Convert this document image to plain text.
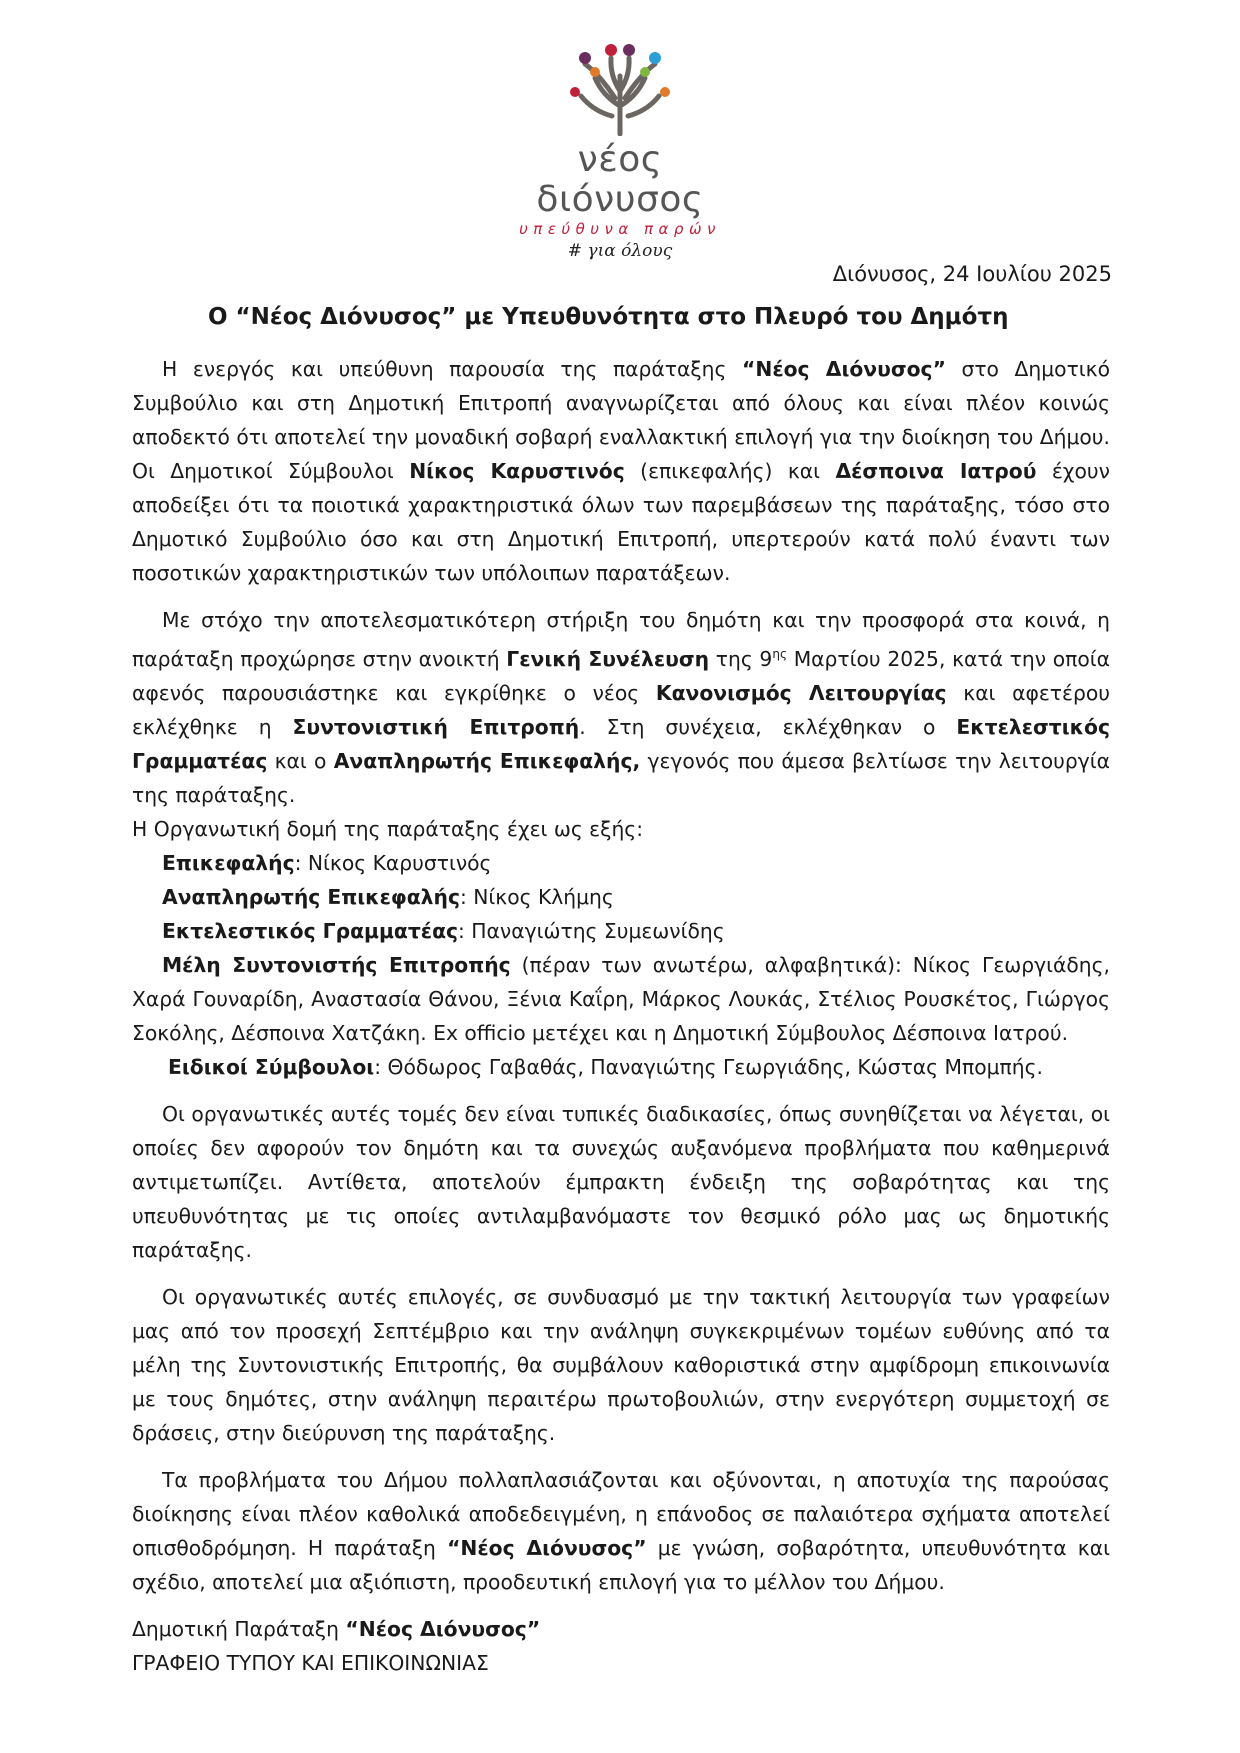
νέος διόνυσος
υπεύθυνα παρών
# για όλους
Διόνυσος, 24 Ιουλίου 2025
Ο “Νέος Διόνυσος” με Υπευθυνότητα στο Πλευρό του Δημότη

Η ενεργός και υπεύθυνη παρουσία της παράταξης “Νέος Διόνυσος” στο Δημοτικό Συμβούλιο και στη Δημοτική Επιτροπή αναγνωρίζεται από όλους και είναι πλέον κοινώς αποδεκτό ότι αποτελεί την μοναδική σοβαρή εναλλακτική επιλογή για την διοίκηση του Δήμου. Οι Δημοτικοί Σύμβουλοι Νίκος Καρυστινός (επικεφαλής) και Δέσποινα Ιατρού έχουν αποδείξει ότι τα ποιοτικά χαρακτηριστικά όλων των παρεμβάσεων της παράταξης, τόσο στο Δημοτικό Συμβούλιο όσο και στη Δημοτική Επιτροπή, υπερτερούν κατά πολύ έναντι των ποσοτικών χαρακτηριστικών των υπόλοιπων παρατάξεων.

Με στόχο την αποτελεσματικότερη στήριξη του δημότη και την προσφορά στα κοινά, η παράταξη προχώρησε στην ανοικτή Γενική Συνέλευση της $9^{\eta\varsigma}$ Μαρτίου 2025, κατά την οποία αφενός παρουσιάστηκε και εγκρίθηκε ο νέος Κανονισμός Λειτουργίας και αφετέρου εκλέχθηκε η Συντονιστική Επιτροπή. Στη συνέχεια, εκλέχθηκαν ο Εκτελεστικός Γραμματέας και ο Αναπληρωτής Επικεφαλής, γεγονός που άμεσα βελτίωσε την λειτουργία της παράταξης.

Η Οργανωτική δομή της παράταξης έχει ως εξής:

Επικεφαλής: Νίκος Καρυστινός

Αναπληρωτής Επικεφαλής: Νίκος Κλήμης

Εκτελεστικός Γραμματέας: Παναγιώτης Συμεωνίδης

Μέλη Συντονιστής Επιτροπής (πέραν των ανωτέρω, αλφαβητικά): Νίκος Γεωργιάδης, Χαρά Γουναρίδη, Αναστασία Θάνου, Ξένια Καΐρη, Μάρκος Λουκάς, Στέλιος Ρουσκέτος, Γιώργος Σοκόλης, Δέσποινα Χατζάκη. Ex officio μετέχει και η Δημοτική Σύμβουλος Δέσποινα Ιατρού.

Ειδικοί Σύμβουλοι: Θόδωρος Γαβαθάς, Παναγιώτης Γεωργιάδης, Κώστας Μπομπής.

Οι οργανωτικές αυτές τομές δεν είναι τυπικές διαδικασίες, όπως συνηθίζεται να λέγεται, οι οποίες δεν αφορούν τον δημότη και τα συνεχώς αυξανόμενα προβλήματα που καθημερινά αντιμετωπίζει. Αντίθετα, αποτελούν έμπρακτη ένδειξη της σοβαρότητας και της υπευθυνότητας με τις οποίες αντιλαμβανόμαστε τον θεσμικό ρόλο μας ως δημοτικής παράταξης.

Οι οργανωτικές αυτές επιλογές, σε συνδυασμό με την τακτική λειτουργία των γραφείων μας από τον προσεχή Σεπτέμβριο και την ανάληψη συγκεκριμένων τομέων ευθύνης από τα μέλη της Συντονιστικής Επιτροπής, θα συμβάλουν καθοριστικά στην αμφίδρομη επικοινωνία με τους δημότες, στην ανάληψη περαιτέρω πρωτοβουλιών, στην ενεργότερη συμμετοχή σε δράσεις, στην διεύρυνση της παράταξης.

Τα προβλήματα του Δήμου πολλαπλασιάζονται και οξύνονται, η αποτυχία της παρούσας διοίκησης είναι πλέον καθολικά αποδεδειγμένη, η επάνοδος σε παλαιότερα σχήματα αποτελεί οπισθοδρόμηση. Η παράταξη “Νέος Διόνυσος” με γνώση, σοβαρότητα, υπευθυνότητα και σχέδιο, αποτελεί μια αξιόπιστη, προοδευτική επιλογή για το μέλλον του Δήμου.

Δημοτική Παράταξη “Νέος Διόνυσος”

ΓΡΑΦΕΙΟ ΤΥΠΟΥ ΚΑΙ ΕΠΙΚΟΙΝΩΝΙΑΣ
